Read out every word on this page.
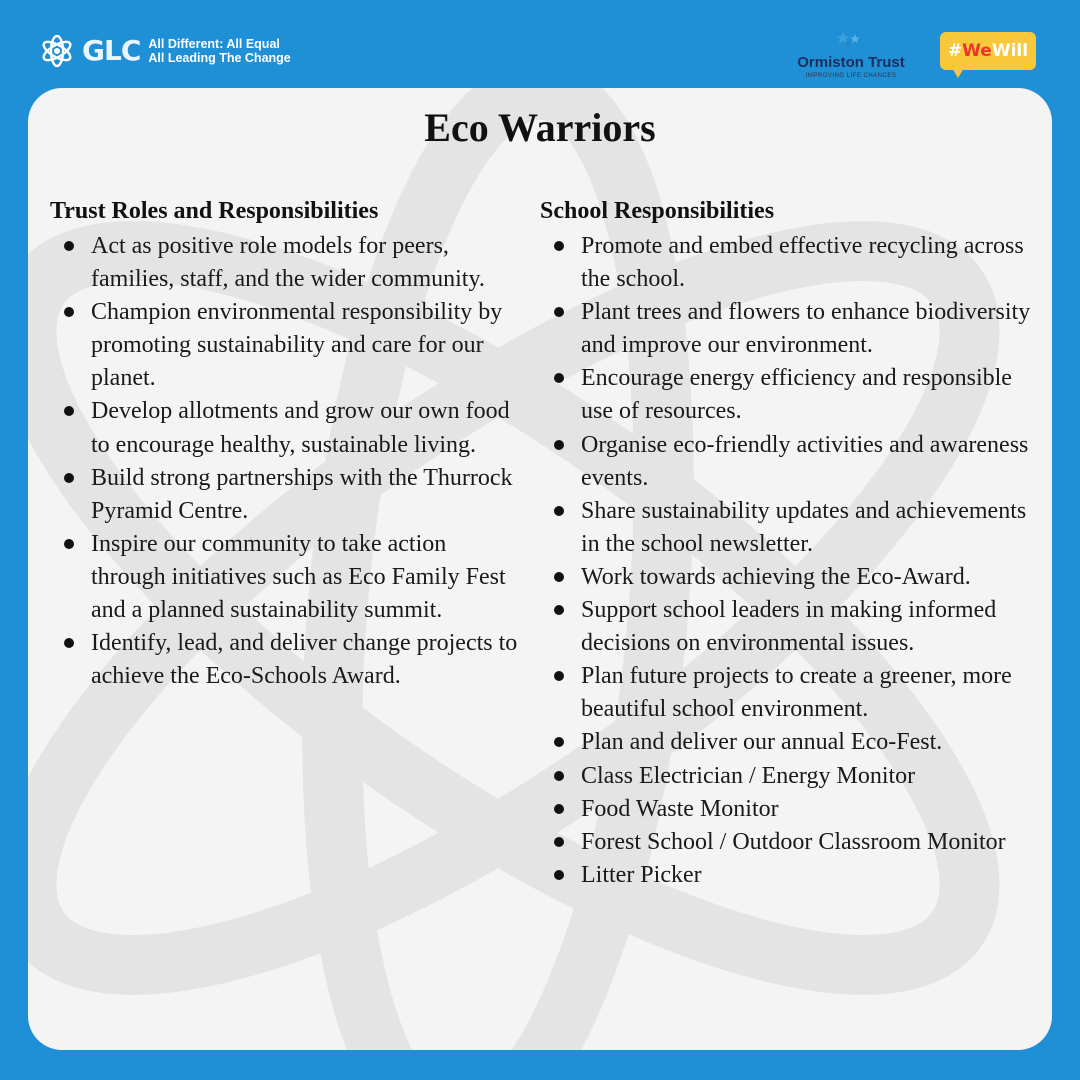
GLC All Different: All Equal
All Leading The Change	Ormiston Trust
IMPROVING LIFE CHANCES
# We Will
Eco Warriors
Trust Roles and Responsibilities
Act as positive role models for peers, families, staff, and the wider community.
Champion environmental responsibility by promoting sustainability and care for our planet.
Develop allotments and grow our own food to encourage healthy, sustainable living.
Build strong partnerships with the Thurrock Pyramid Centre.
Inspire our community to take action through initiatives such as Eco Family Fest and a planned sustainability summit.
Identify, lead, and deliver change projects to achieve the Eco-Schools Award.
School Responsibilities
Promote and embed effective recycling across the school.
Plant trees and flowers to enhance biodiversity and improve our environment.
Encourage energy efficiency and responsible use of resources.
Organise eco-friendly activities and awareness events.
Share sustainability updates and achievements in the school newsletter.
Work towards achieving the Eco-Award.
Support school leaders in making informed decisions on environmental issues.
Plan future projects to create a greener, more beautiful school environment.
Plan and deliver our annual Eco-Fest.
Class Electrician / Energy Monitor
Food Waste Monitor
Forest School / Outdoor Classroom Monitor
Litter Picker
